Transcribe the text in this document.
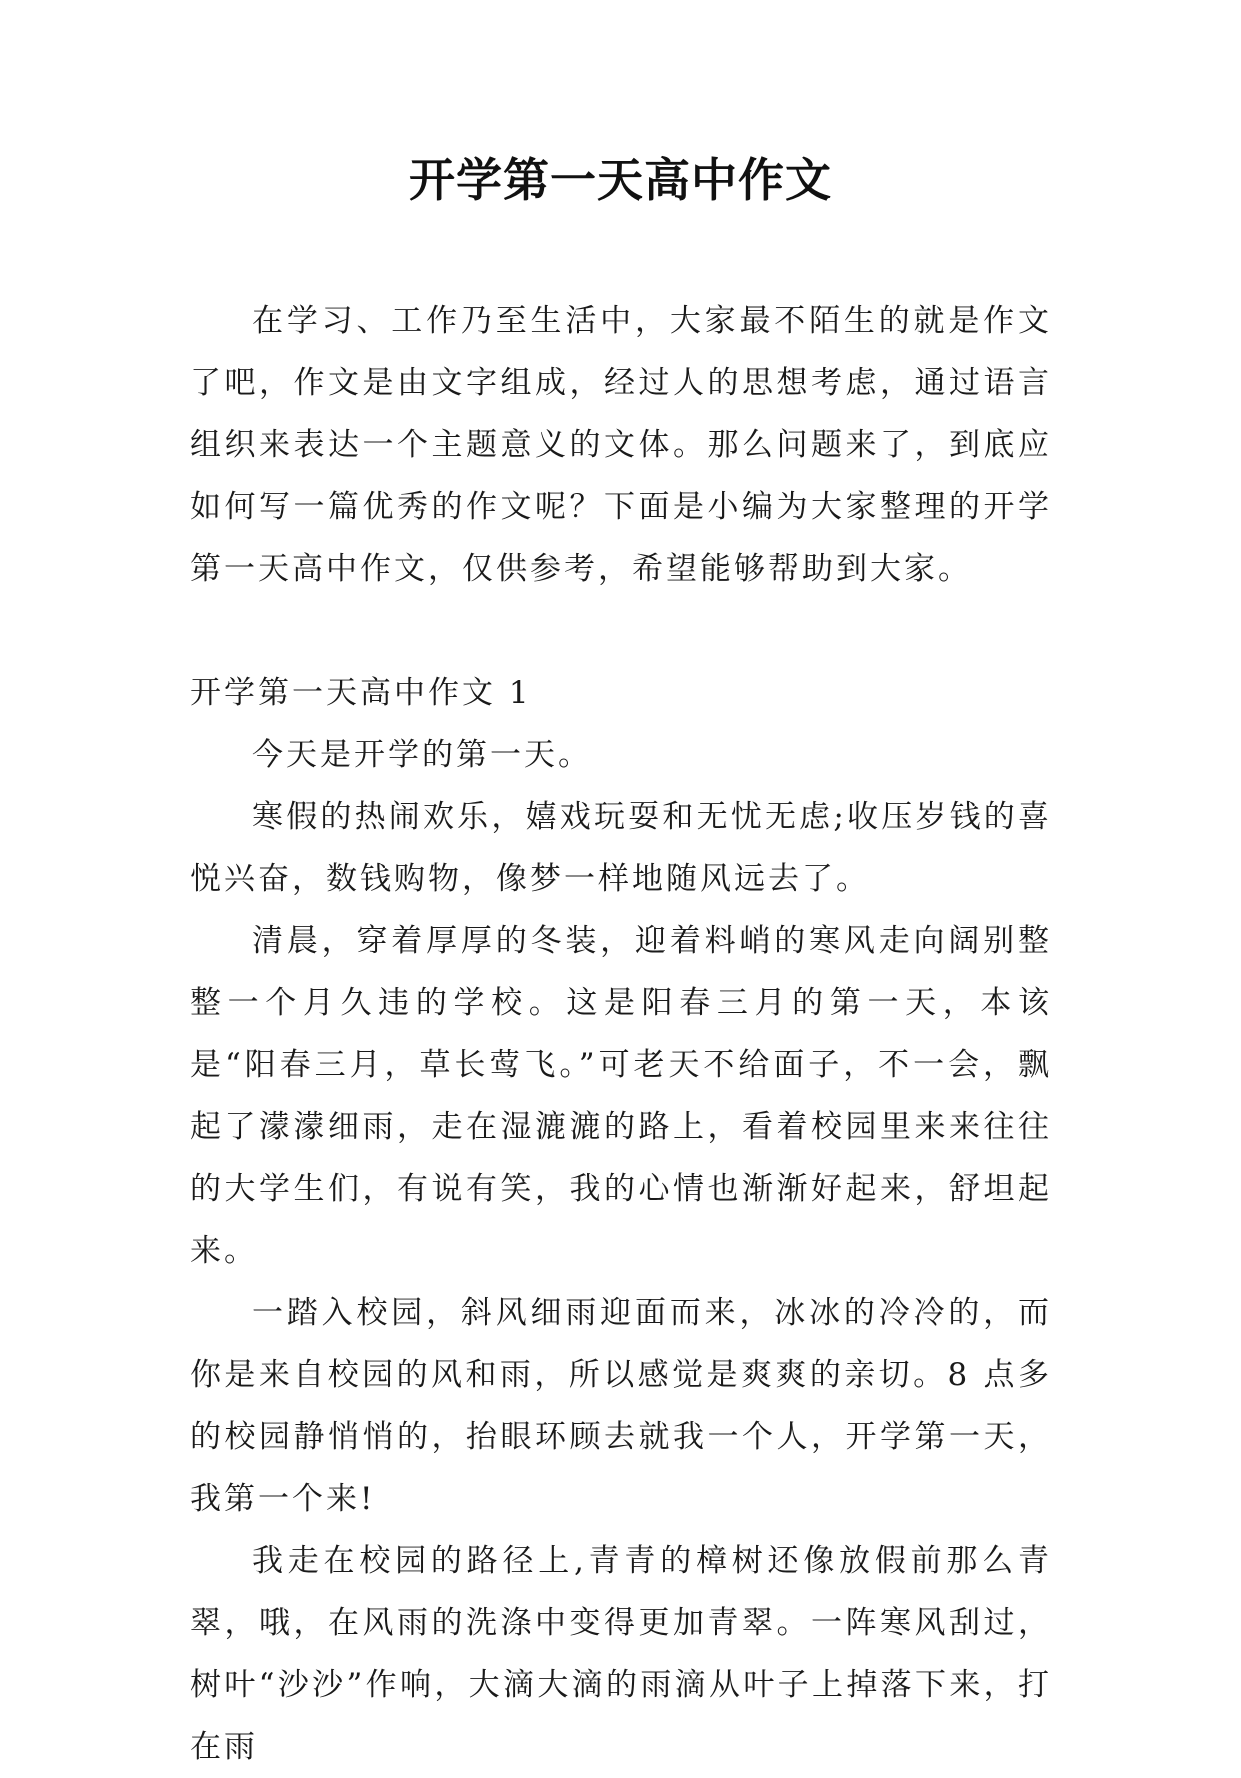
开学第一天高中作文

在学习、工作乃至生活中，大家最不陌生的就是作文了吧，作文是由文字组成，经过人的思想考虑，通过语言组织来表达一个主题意义的文体。那么问题来了，到底应如何写一篇优秀的作文呢？下面是小编为大家整理的开学第一天高中作文，仅供参考，希望能够帮助到大家。

开学第一天高中作文 1

今天是开学的第一天。

寒假的热闹欢乐，嬉戏玩耍和无忧无虑;收压岁钱的喜悦兴奋，数钱购物，像梦一样地随风远去了。

清晨，穿着厚厚的冬装，迎着料峭的寒风走向阔别整整一个月久违的学校。这是阳春三月的第一天，本该是“阳春三月，草长莺飞。”可老天不给面子，不一会，飘起了濛濛细雨，走在湿漉漉的路上，看着校园里来来往往的大学生们，有说有笑，我的心情也渐渐好起来，舒坦起来。

一踏入校园，斜风细雨迎面而来，冰冰的冷冷的，而你是来自校园的风和雨，所以感觉是爽爽的亲切。8 点多的校园静悄悄的，抬眼环顾去就我一个人，开学第一天，我第一个来!

我走在校园的路径上,青青的樟树还像放假前那么青翠，哦，在风雨的洗涤中变得更加青翠。一阵寒风刮过，树叶“沙沙”作响，大滴大滴的雨滴从叶子上掉落下来，打在雨
